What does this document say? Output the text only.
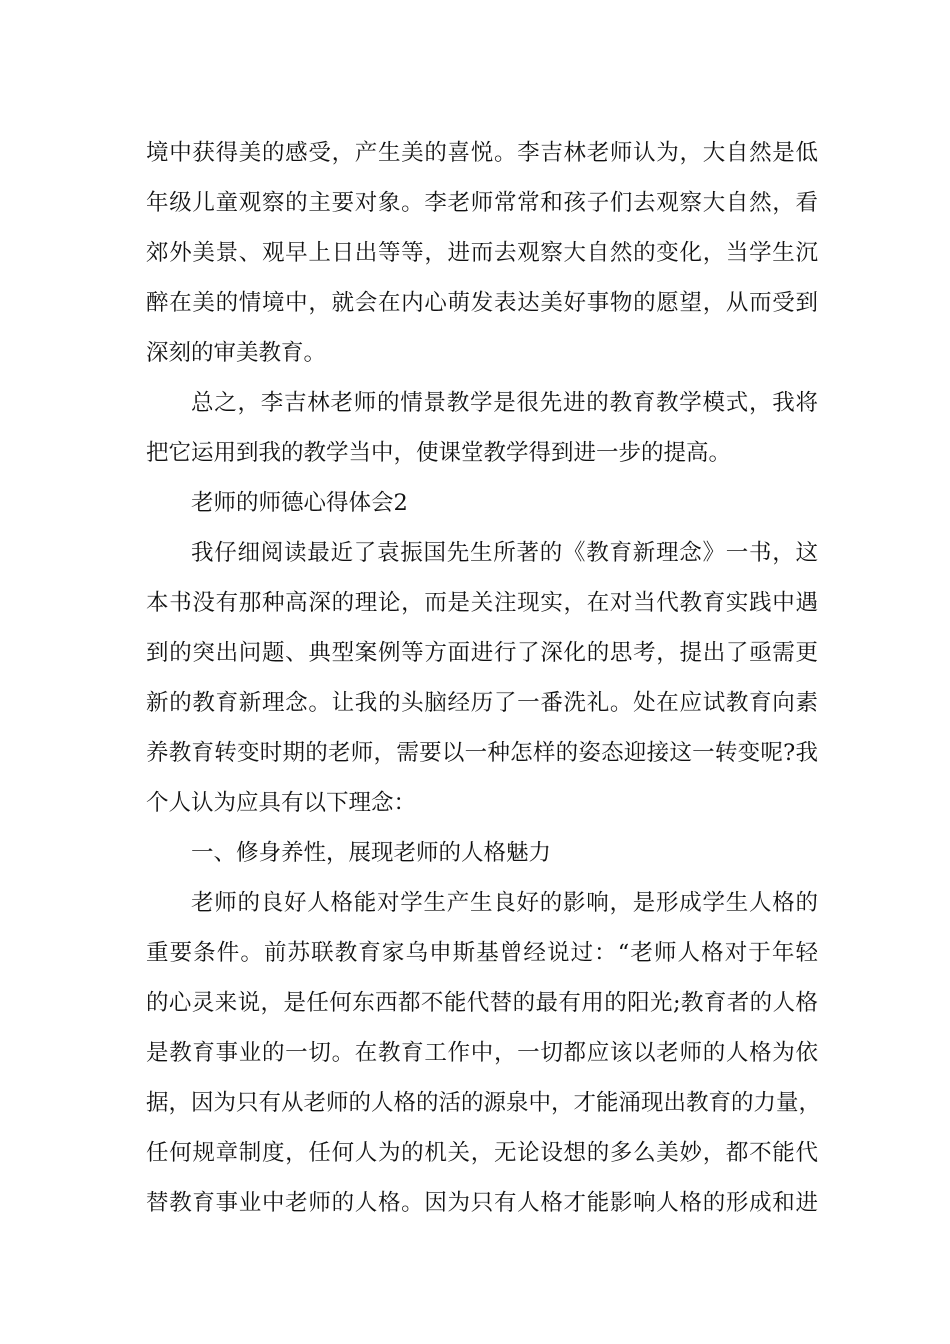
境中获得美的感受，产生美的喜悦。李吉林老师认为，大自然是低
年级儿童观察的主要对象。李老师常常和孩子们去观察大自然，看
郊外美景、观早上日出等等，进而去观察大自然的变化，当学生沉
醉在美的情境中，就会在内心萌发表达美好事物的愿望，从而受到
深刻的审美教育。
总之，李吉林老师的情景教学是很先进的教育教学模式，我将
把它运用到我的教学当中，使课堂教学得到进一步的提高。
老师的师德心得体会2
我仔细阅读最近了袁振国先生所著的《教育新理念》一书，这
本书没有那种高深的理论，而是关注现实，在对当代教育实践中遇
到的突出问题、典型案例等方面进行了深化的思考，提出了亟需更
新的教育新理念。让我的头脑经历了一番洗礼。处在应试教育向素
养教育转变时期的老师，需要以一种怎样的姿态迎接这一转变呢?我
个人认为应具有以下理念：
一、修身养性，展现老师的人格魅力
老师的良好人格能对学生产生良好的影响，是形成学生人格的
重要条件。前苏联教育家乌申斯基曾经说过：“老师人格对于年轻
的心灵来说，是任何东西都不能代替的最有用的阳光;教育者的人格
是教育事业的一切。在教育工作中，一切都应该以老师的人格为依
据，因为只有从老师的人格的活的源泉中，才能涌现出教育的力量，
任何规章制度，任何人为的机关，无论设想的多么美妙，都不能代
替教育事业中老师的人格。因为只有人格才能影响人格的形成和进
